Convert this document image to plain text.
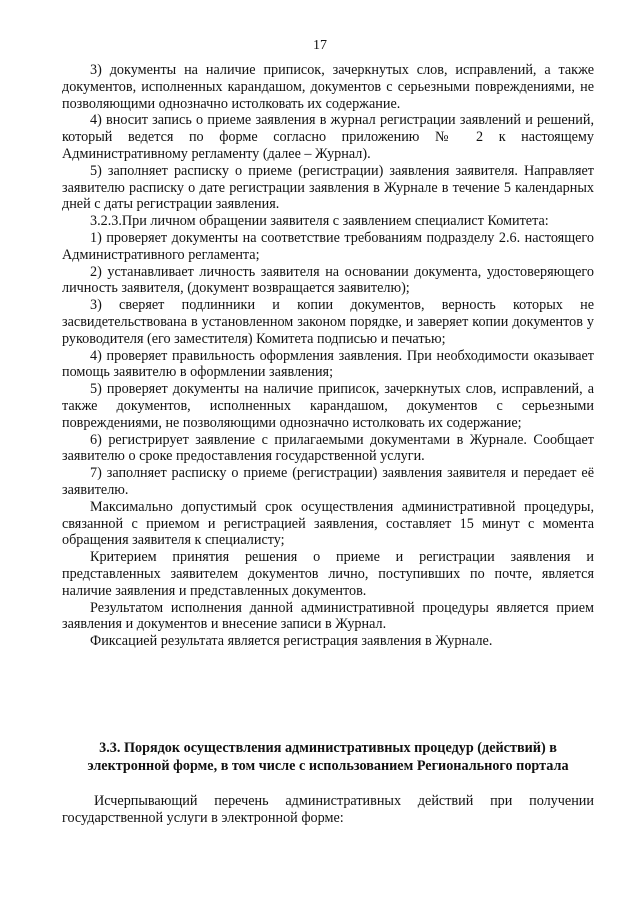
17

3) документы на наличие приписок, зачеркнутых слов, исправлений, а также документов, исполненных карандашом, документов с серьезными повреждениями, не позволяющими однозначно истолковать их содержание.

4) вносит запись о приеме заявления в журнал регистрации заявлений и решений, который ведется по форме согласно приложению № 2 к настоящему Административному регламенту (далее – Журнал).

5) заполняет расписку о приеме (регистрации) заявления заявителя. Направляет заявителю расписку о дате регистрации заявления в Журнале в течение 5 календарных дней с даты регистрации заявления.

3.2.3.При личном обращении заявителя с заявлением специалист Комитета:

1) проверяет документы на соответствие требованиям подразделу 2.6. настоящего Административного регламента;

2) устанавливает личность заявителя на основании документа, удостоверяющего личность заявителя, (документ возвращается заявителю);

3) сверяет подлинники и копии документов, верность которых не засвидетельствована в установленном законом порядке, и заверяет копии документов у руководителя (его заместителя) Комитета подписью и печатью;

4) проверяет правильность оформления заявления. При необходимости оказывает помощь заявителю в оформлении заявления;

5) проверяет документы на наличие приписок, зачеркнутых слов, исправлений, а также документов, исполненных карандашом, документов с серьезными повреждениями, не позволяющими однозначно истолковать их содержание;

6) регистрирует заявление с прилагаемыми документами в Журнале. Сообщает заявителю о сроке предоставления государственной услуги.

7) заполняет расписку о приеме (регистрации) заявления заявителя и передает её заявителю.

Максимально допустимый срок осуществления административной процедуры, связанной с приемом и регистрацией заявления, составляет 15 минут с момента обращения заявителя к специалисту;

Критерием принятия решения о приеме и регистрации заявления и представленных заявителем документов лично, поступивших по почте, является наличие заявления и представленных документов.

Результатом исполнения данной административной процедуры является прием заявления и документов и внесение записи в Журнал.

Фиксацией результата является регистрация заявления в Журнале.

3.3. Порядок осуществления административных процедур (действий) в электронной форме, в том числе с использованием Регионального портала

Исчерпывающий перечень административных действий при получении государственной услуги в электронной форме:
